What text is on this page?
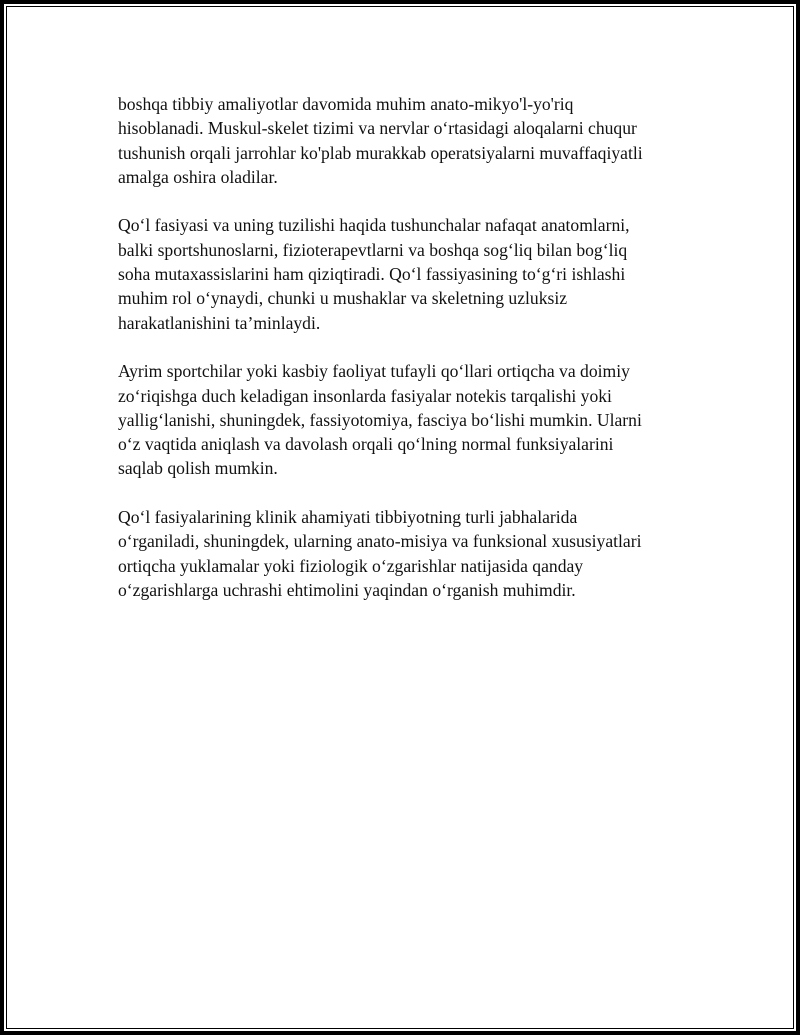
boshqa tibbiy amaliyotlar davomida muhim anato-mikyo'l-yo'riq
hisoblanadi. Muskul-skelet tizimi va nervlar o‘rtasidagi aloqalarni chuqur
tushunish orqali jarrohlar ko'plab murakkab operatsiyalarni muvaffaqiyatli
amalga oshira oladilar.

Qo‘l fasiyasi va uning tuzilishi haqida tushunchalar nafaqat anatomlarni,
balki sportshunoslarni, fizioterapevtlarni va boshqa sog‘liq bilan bog‘liq
soha mutaxassislarini ham qiziqtiradi. Qo‘l fassiyasining to‘g‘ri ishlashi
muhim rol o‘ynaydi, chunki u mushaklar va skeletning uzluksiz
harakatlanishini ta’minlaydi.

Ayrim sportchilar yoki kasbiy faoliyat tufayli qo‘llari ortiqcha va doimiy
zo‘riqishga duch keladigan insonlarda fasiyalar notekis tarqalishi yoki
yallig‘lanishi, shuningdek, fassiyotomiya, fasciya bo‘lishi mumkin. Ularni
o‘z vaqtida aniqlash va davolash orqali qo‘lning normal funksiyalarini
saqlab qolish mumkin.

Qo‘l fasiyalarining klinik ahamiyati tibbiyotning turli jabhalarida
o‘rganiladi, shuningdek, ularning anato-misiya va funksional xususiyatlari
ortiqcha yuklamalar yoki fiziologik o‘zgarishlar natijasida qanday
o‘zgarishlarga uchrashi ehtimolini yaqindan o‘rganish muhimdir.
